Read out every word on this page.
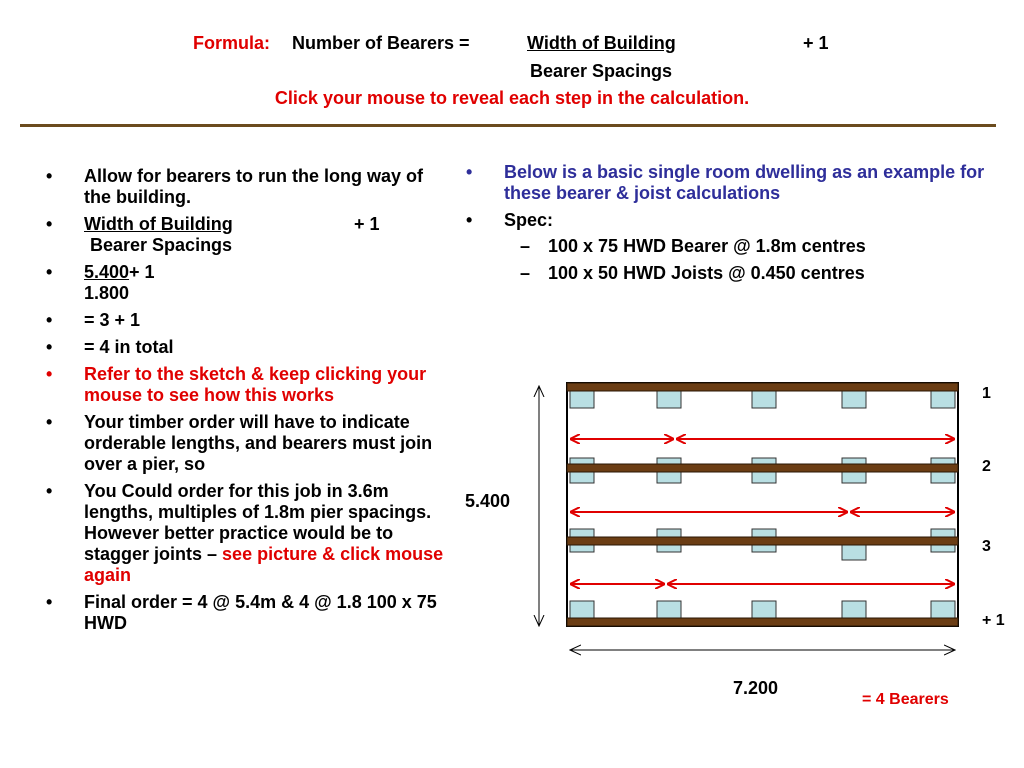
Formula: Number of Bearers =	Width of Building	+ 1
Bearer Spacings
Click your mouse to reveal each step in the calculation.
• Allow for bearers to run the long way of the building.
• Width of Building	+ 1

Bearer Spacings
• 5.400+ 1
1.800
• = 3 + 1
• = 4 in total
• Refer to the sketch & keep clicking your mouse to see how this works
• Your timber order will have to indicate orderable lengths, and bearers must join over a pier, so
• You Could order for this job in 3.6m lengths, multiples of 1.8m pier spacings. However better practice would be to stagger joints – see picture & click mouse again
• Final order = 4 @ 5.4m & 4 @ 1.8 100 x 75 HWD
• Below is a basic single room dwelling as an example for these bearer & joist calculations
• Spec:
– 100 x 75 HWD Bearer @ 1.8m centres
– 100 x 50 HWD Joists @ 0.450 centres
1
2
3
+ 1
5.400
7.200
= 4 Bearers
